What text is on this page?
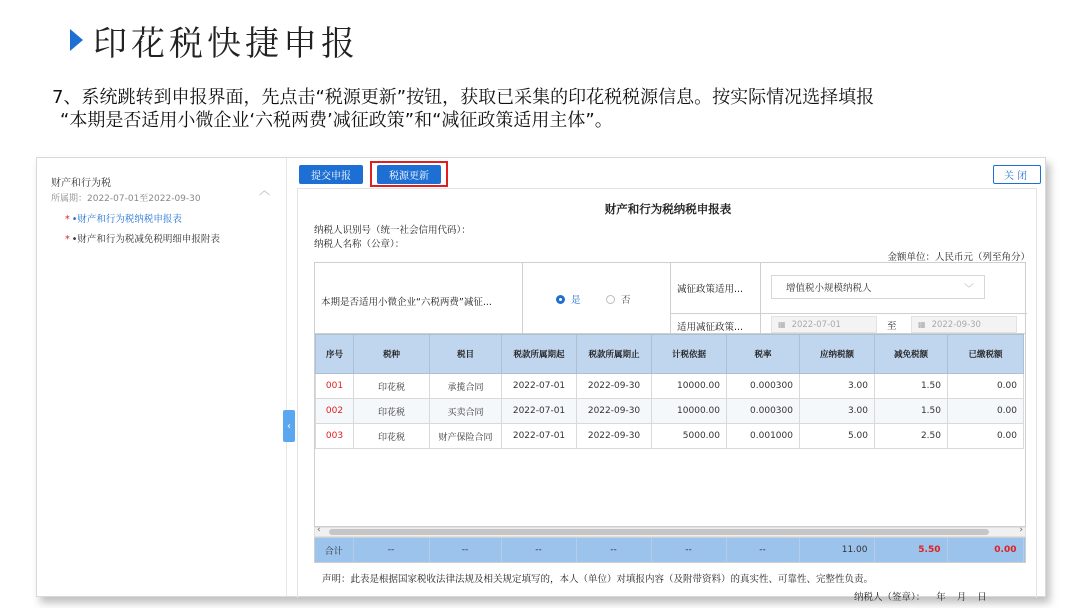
印花税快捷申报
7、系统跳转到申报界面，先点击“税源更新”按钮，获取已采集的印花税税源信息。按实际情况选择填报
“本期是否适用小微企业‘六税两费’减征政策”和“减征政策适用主体”。
财产和行为税
所属期：2022-07-01至2022-09-30
︿
* •财产和行为税纳税申报表
* •财产和行为税减免税明细申报附表
‹
提交申报	税源更新	关闭
财产和行为税纳税申报表
纳税人识别号（统一社会信用代码）：
纳税人名称（公章）：
金额单位：人民币元（列至角分）
本期是否适用小微企业“六税两费”减征...	是	否
减征政策适用...	增值税小规模纳税人	﹀
适用减征政策...	▦ 2022-07-01	至	▦ 2022-09-30
序号	税种	税目	税款所属期起	税款所属期止	计税依据	税率	应纳税额	减免税额	已缴税额
001	印花税	承揽合同	2022-07-01	2022-09-30	10000.00	0.000300	3.00	1.50	0.00
002	印花税	买卖合同	2022-07-01	2022-09-30	10000.00	0.000300	3.00	1.50	0.00
003	印花税	财产保险合同	2022-07-01	2022-09-30	5000.00	0.001000	5.00	2.50	0.00
‹	›
合计	--	--	--	--	--	--	11.00	5.50	0.00
声明：此表是根据国家税收法律法规及相关规定填写的，本人（单位）对填报内容（及附带资料）的真实性、可靠性、完整性负责。
纳税人（签章）： 年 月 日
